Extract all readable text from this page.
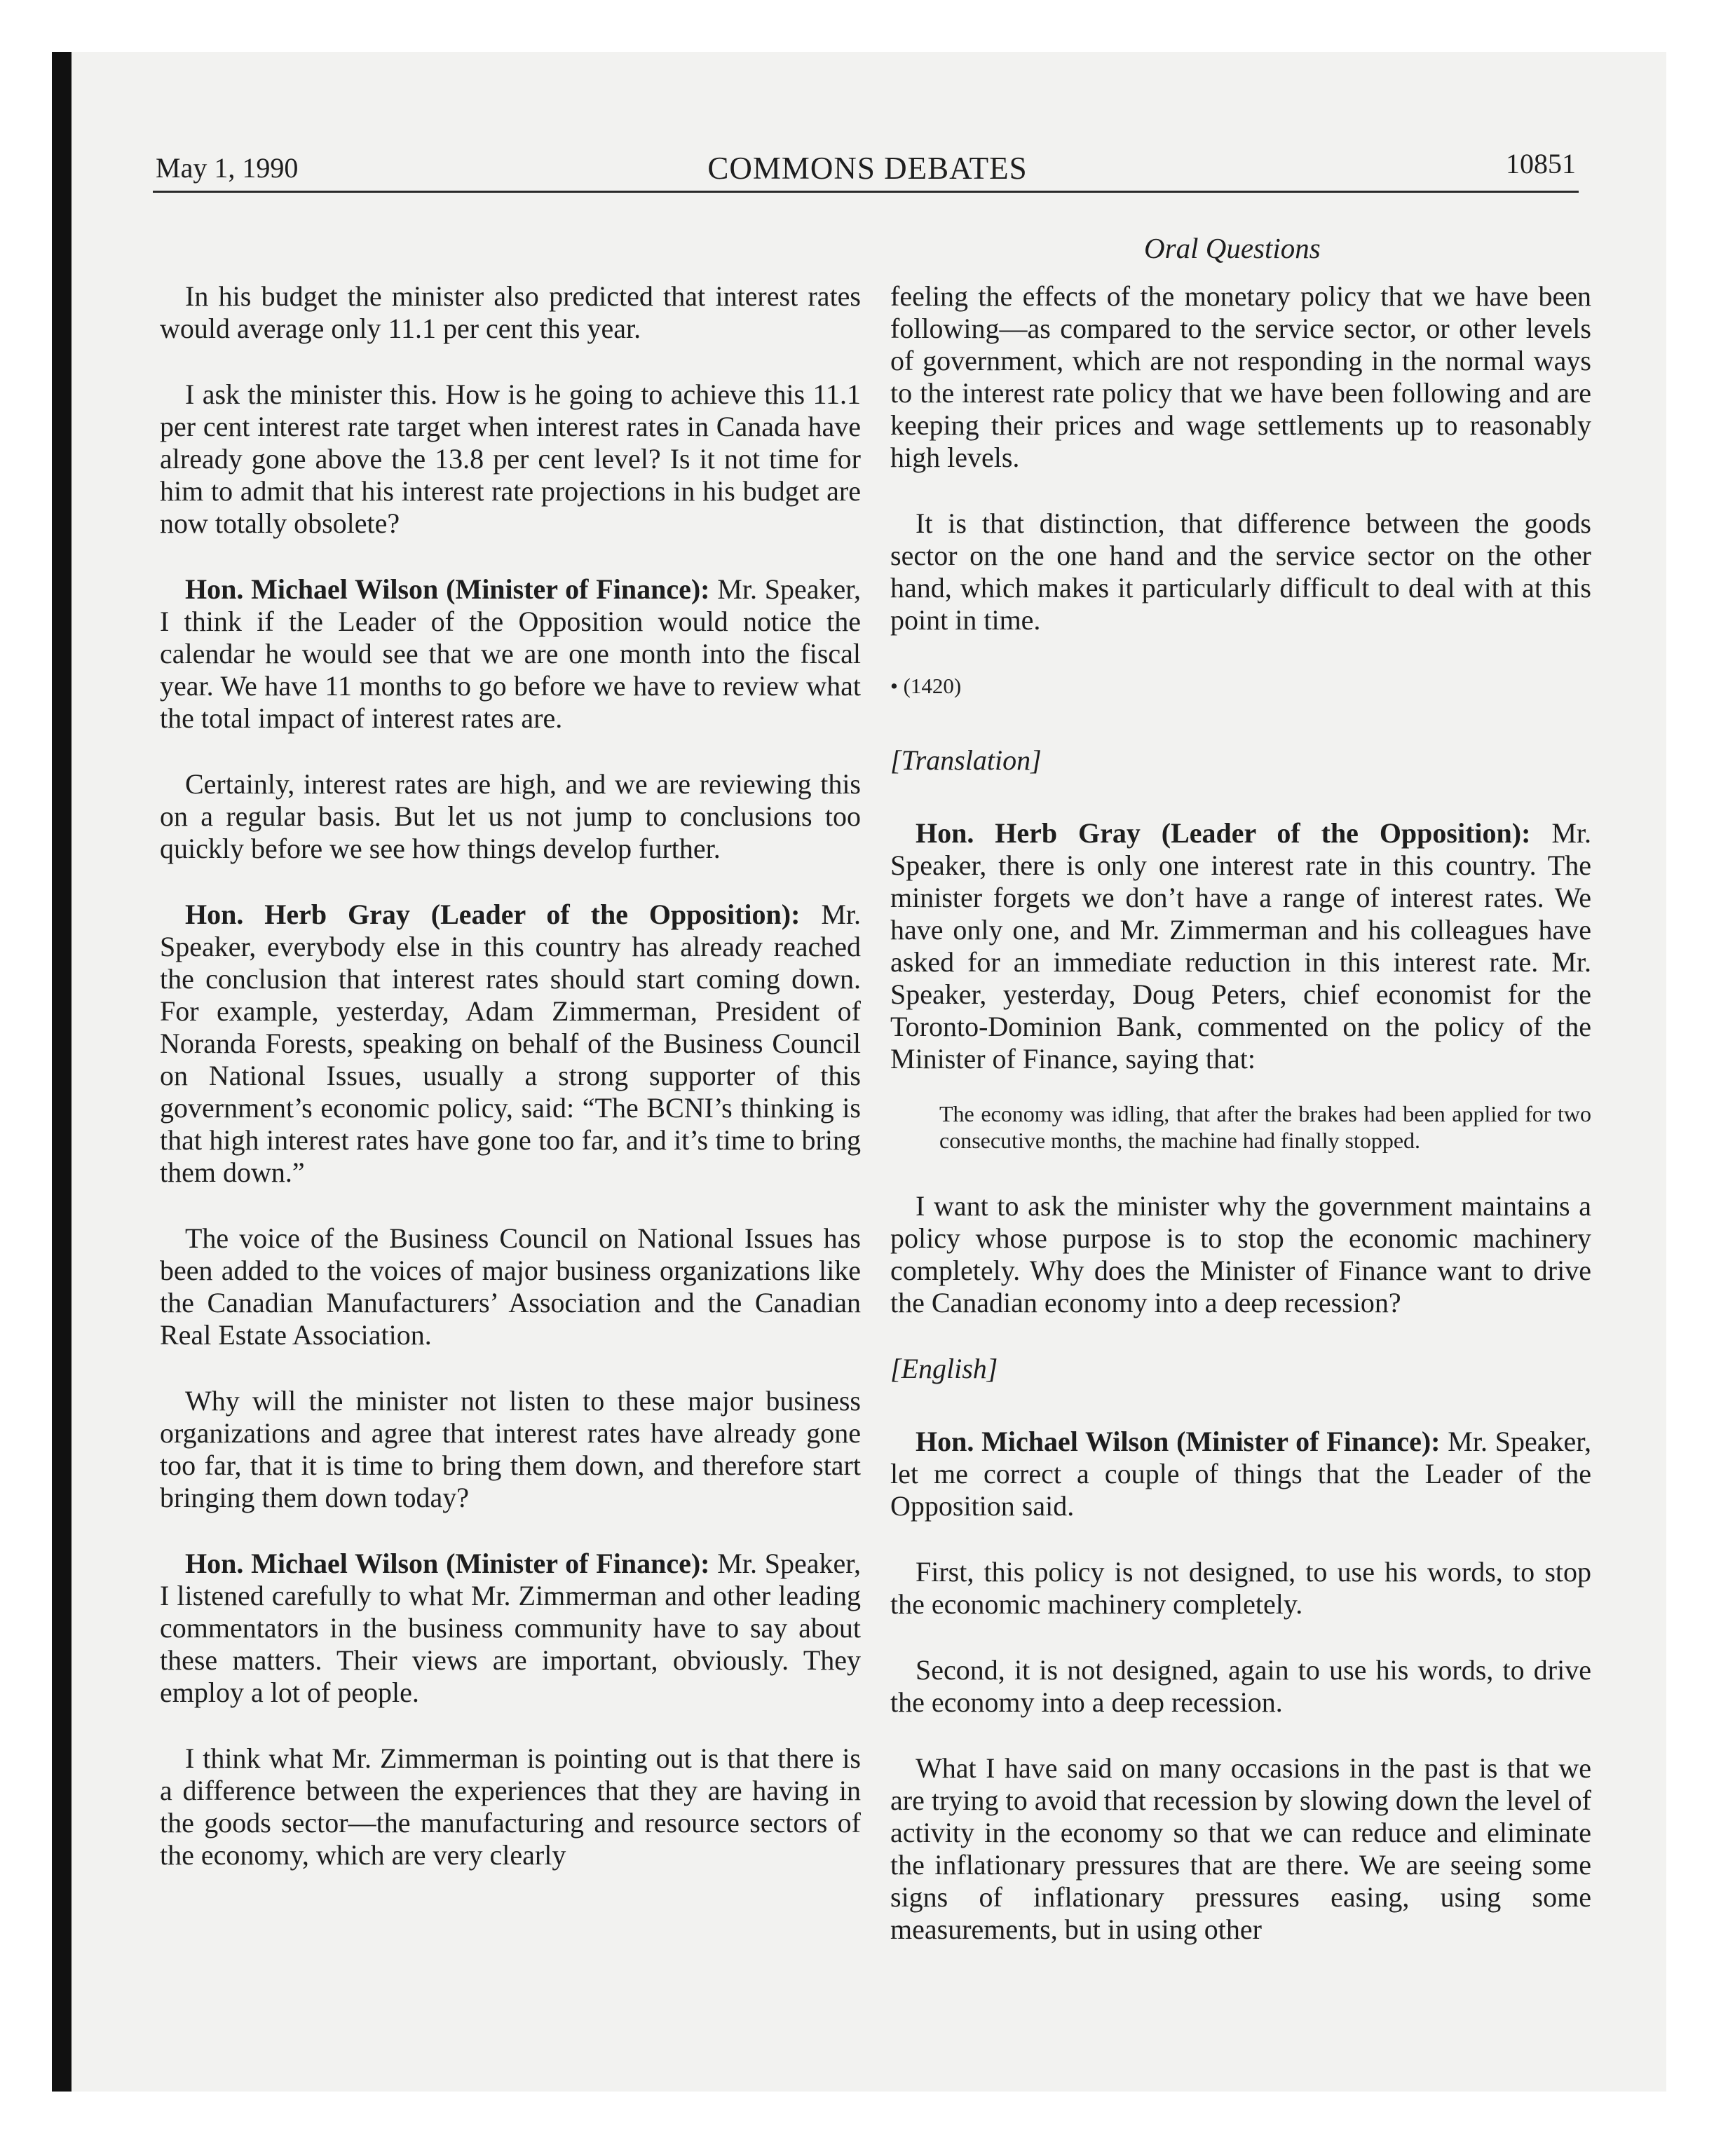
May 1, 1990	COMMONS DEBATES	10851
Oral Questions

In his budget the minister also predicted that interest rates would average only 11.1 per cent this year.

I ask the minister this. How is he going to achieve this 11.1 per cent interest rate target when interest rates in Canada have already gone above the 13.8 per cent level? Is it not time for him to admit that his interest rate projections in his budget are now totally obsolete?

Hon. Michael Wilson (Minister of Finance): Mr. Speaker, I think if the Leader of the Opposition would notice the calendar he would see that we are one month into the fiscal year. We have 11 months to go before we have to review what the total impact of interest rates are.

Certainly, interest rates are high, and we are reviewing this on a regular basis. But let us not jump to conclusions too quickly before we see how things develop further.

Hon. Herb Gray (Leader of the Opposition): Mr. Speaker, everybody else in this country has already reached the conclusion that interest rates should start coming down. For example, yesterday, Adam Zimmerman, President of Noranda Forests, speaking on behalf of the Business Council on National Issues, usually a strong supporter of this government’s economic policy, said: “The BCNI’s thinking is that high interest rates have gone too far, and it’s time to bring them down.”

The voice of the Business Council on National Issues has been added to the voices of major business organizations like the Canadian Manufacturers’ Association and the Canadian Real Estate Association.

Why will the minister not listen to these major business organizations and agree that interest rates have already gone too far, that it is time to bring them down, and therefore start bringing them down today?

Hon. Michael Wilson (Minister of Finance): Mr. Speaker, I listened carefully to what Mr. Zimmerman and other leading commentators in the business community have to say about these matters. Their views are important, obviously. They employ a lot of people.

I think what Mr. Zimmerman is pointing out is that there is a difference between the experiences that they are having in the goods sector—the manufacturing and resource sectors of the economy, which are very clearly

feeling the effects of the monetary policy that we have been following—as compared to the service sector, or other levels of government, which are not responding in the normal ways to the interest rate policy that we have been following and are keeping their prices and wage settlements up to reasonably high levels.

It is that distinction, that difference between the goods sector on the one hand and the service sector on the other hand, which makes it particularly difficult to deal with at this point in time.

• (1420)
[Translation]

Hon. Herb Gray (Leader of the Opposition): Mr. Speaker, there is only one interest rate in this country. The minister forgets we don’t have a range of interest rates. We have only one, and Mr. Zimmerman and his colleagues have asked for an immediate reduction in this interest rate. Mr. Speaker, yesterday, Doug Peters, chief economist for the Toronto-Dominion Bank, commented on the policy of the Minister of Finance, saying that:

The economy was idling, that after the brakes had been applied for two consecutive months, the machine had finally stopped.

I want to ask the minister why the government maintains a policy whose purpose is to stop the economic machinery completely. Why does the Minister of Finance want to drive the Canadian economy into a deep recession?

[English]

Hon. Michael Wilson (Minister of Finance): Mr. Speaker, let me correct a couple of things that the Leader of the Opposition said.

First, this policy is not designed, to use his words, to stop the economic machinery completely.

Second, it is not designed, again to use his words, to drive the economy into a deep recession.

What I have said on many occasions in the past is that we are trying to avoid that recession by slowing down the level of activity in the economy so that we can reduce and eliminate the inflationary pressures that are there. We are seeing some signs of inflationary pressures easing, using some measurements, but in using other
